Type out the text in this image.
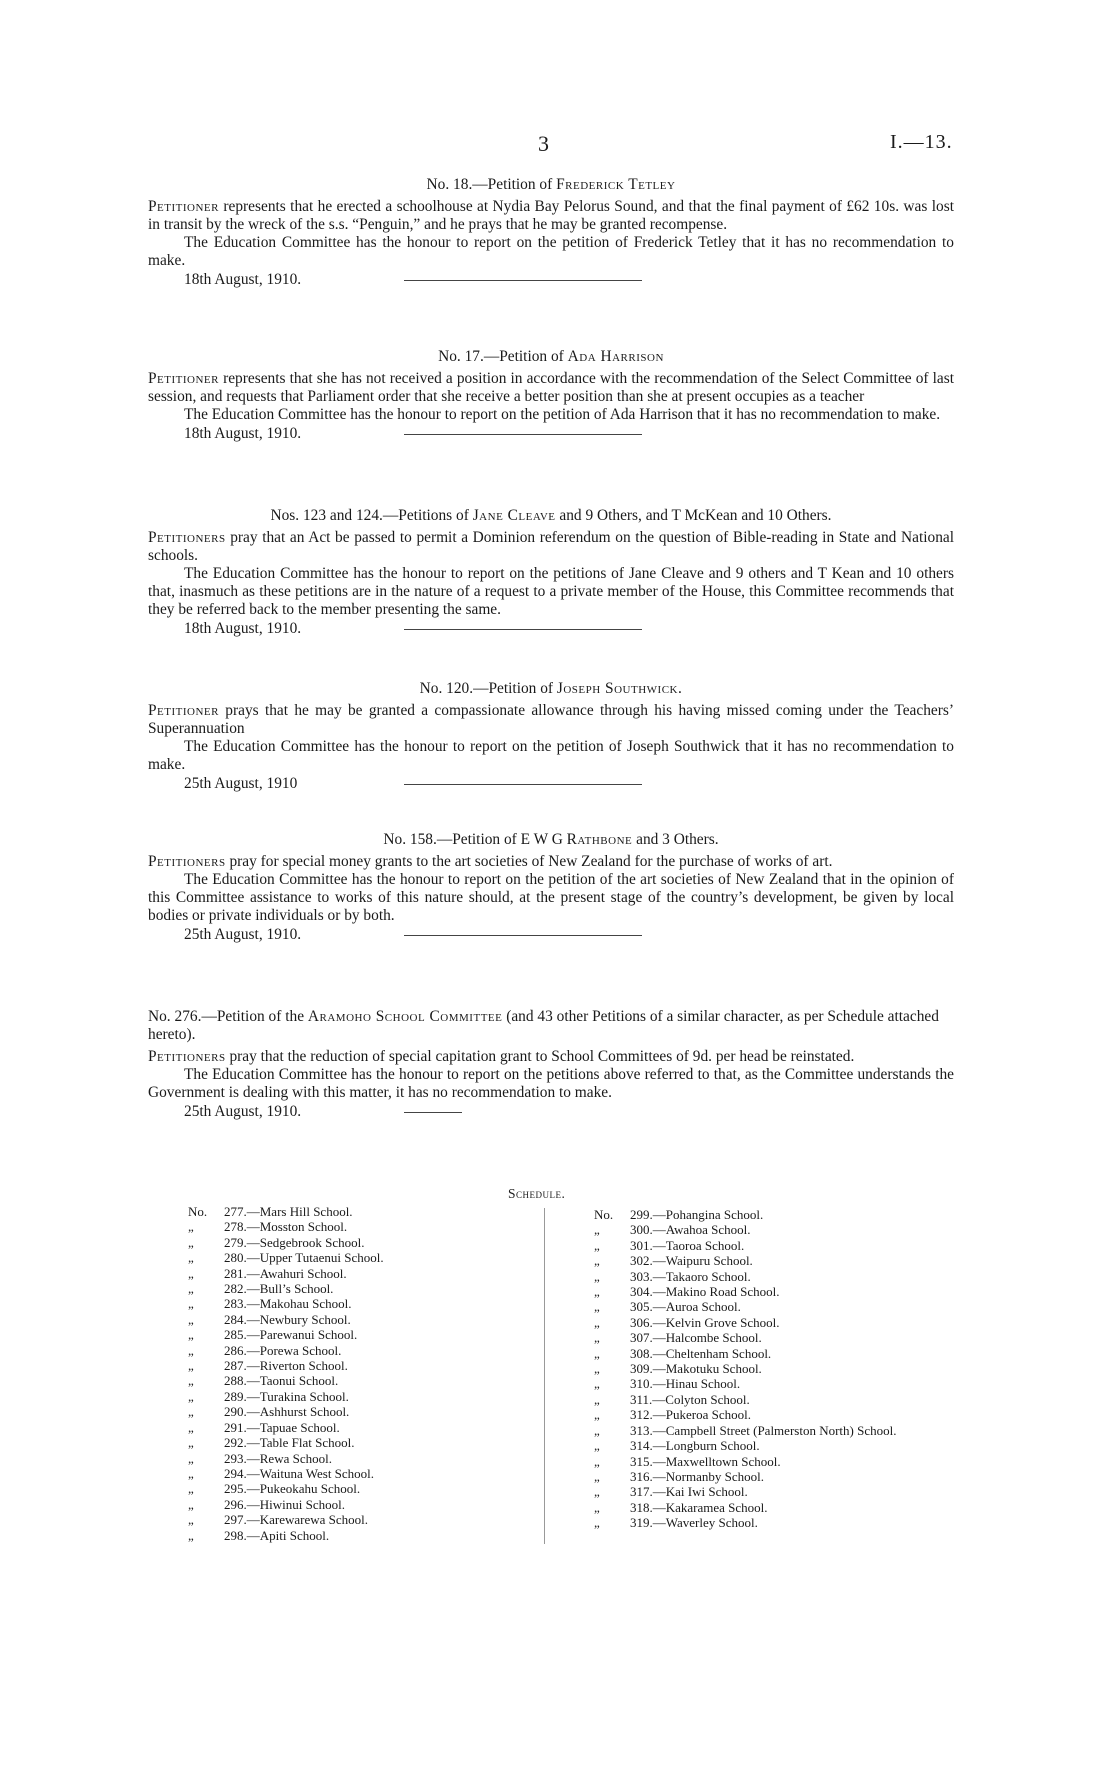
3	I.—13.

No. 18.—Petition of Frederick Tetley

Petitioner represents that he erected a schoolhouse at Nydia Bay Pelorus Sound, and that the final payment of £62 10s. was lost in transit by the wreck of the s.s. “Penguin,” and he prays that he may be granted recompense.

The Education Committee has the honour to report on the petition of Frederick Tetley that it has no recommendation to make.

18th August, 1910.

No. 17.—Petition of Ada Harrison

Petitioner represents that she has not received a position in accordance with the recommendation of the Select Committee of last session, and requests that Parliament order that she receive a better position than she at present occupies as a teacher

The Education Committee has the honour to report on the petition of Ada Harrison that it has no recommendation to make.

18th August, 1910.

Nos. 123 and 124.—Petitions of Jane Cleave and 9 Others, and T McKean and 10 Others.

Petitioners pray that an Act be passed to permit a Dominion referendum on the question of Bible-reading in State and National schools.

The Education Committee has the honour to report on the petitions of Jane Cleave and 9 others and T Kean and 10 others that, inasmuch as these petitions are in the nature of a request to a private member of the House, this Committee recommends that they be referred back to the member presenting the same.

18th August, 1910.

No. 120.—Petition of Joseph Southwick.

Petitioner prays that he may be granted a compassionate allowance through his having missed coming under the Teachers’ Superannuation

The Education Committee has the honour to report on the petition of Joseph Southwick that it has no recommendation to make.

25th August, 1910

No. 158.—Petition of E W G Rathbone and 3 Others.

Petitioners pray for special money grants to the art societies of New Zealand for the purchase of works of art.

The Education Committee has the honour to report on the petition of the art societies of New Zealand that in the opinion of this Committee assistance to works of this nature should, at the present stage of the country’s development, be given by local bodies or private individuals or by both.

25th August, 1910.

No. 276.—Petition of the Aramoho School Committee (and 43 other Petitions of a similar character, as per Schedule attached hereto).

Petitioners pray that the reduction of special capitation grant to School Committees of 9d. per head be reinstated.

The Education Committee has the honour to report on the petitions above referred to that, as the Committee understands the Government is dealing with this matter, it has no recommendation to make.

25th August, 1910.
Schedule.
No.	277.—Mars Hill School.
„	278.—Mosston School.
„	279.—Sedgebrook School.
„	280.—Upper Tutaenui School.
„	281.—Awahuri School.
„	282.—Bull’s School.
„	283.—Makohau School.
„	284.—Newbury School.
„	285.—Parewanui School.
„	286.—Porewa School.
„	287.—Riverton School.
„	288.—Taonui School.
„	289.—Turakina School.
„	290.—Ashhurst School.
„	291.—Tapuae School.
„	292.—Table Flat School.
„	293.—Rewa School.
„	294.—Waituna West School.
„	295.—Pukeokahu School.
„	296.—Hiwinui School.
„	297.—Karewarewa School.
„	298.—Apiti School.
No.	299.—Pohangina School.
„	300.—Awahoa School.
„	301.—Taoroa School.
„	302.—Waipuru School.
„	303.—Takaoro School.
„	304.—Makino Road School.
„	305.—Auroa School.
„	306.—Kelvin Grove School.
„	307.—Halcombe School.
„	308.—Cheltenham School.
„	309.—Makotuku School.
„	310.—Hinau School.
„	311.—Colyton School.
„	312.—Pukeroa School.
„	313.—Campbell Street (Palmerston North) School.
„	314.—Longburn School.
„	315.—Maxwelltown School.
„	316.—Normanby School.
„	317.—Kai Iwi School.
„	318.—Kakaramea School.
„	319.—Waverley School.
